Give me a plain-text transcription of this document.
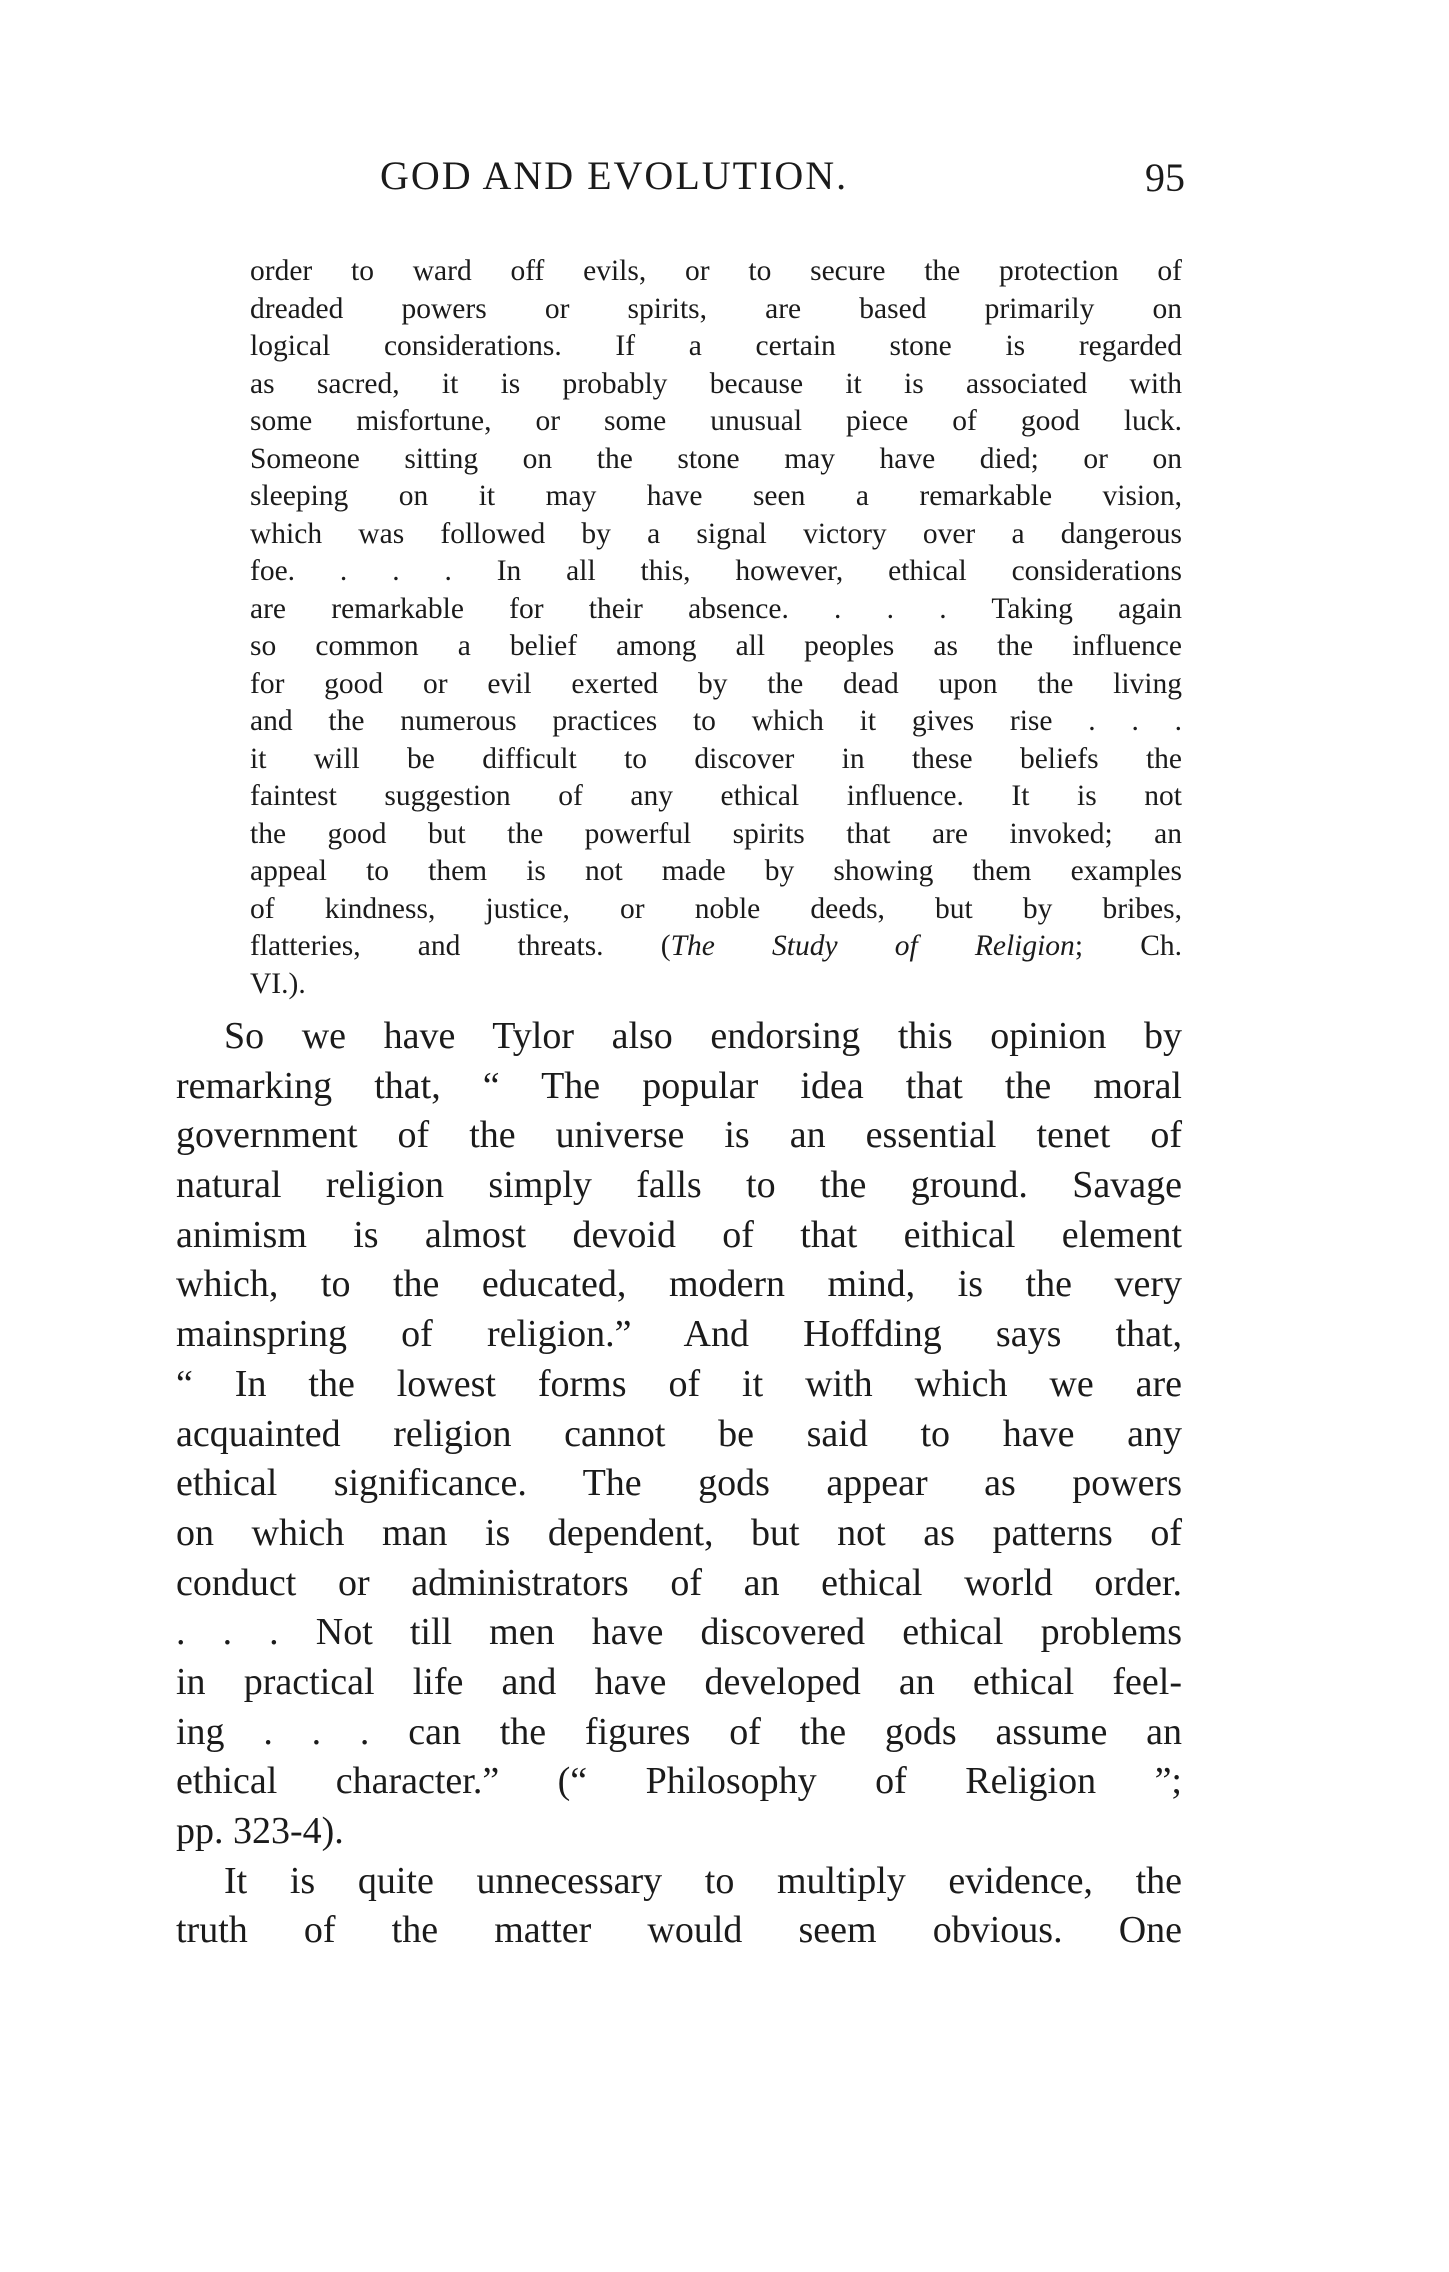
GOD AND EVOLUTION.	95
order to ward off evils, or to secure the protection of
dreaded powers or spirits, are based primarily on
logical considerations. If a certain stone is regarded
as sacred, it is probably because it is associated with
some misfortune, or some unusual piece of good luck.
Someone sitting on the stone may have died; or on
sleeping on it may have seen a remarkable vision,
which was followed by a signal victory over a dangerous
foe. . . . In all this, however, ethical considerations
are remarkable for their absence. . . . Taking again
so common a belief among all peoples as the influence
for good or evil exerted by the dead upon the living
and the numerous practices to which it gives rise . . .
it will be difficult to discover in these beliefs the
faintest suggestion of any ethical influence. It is not
the good but the powerful spirits that are invoked; an
appeal to them is not made by showing them examples
of kindness, justice, or noble deeds, but by bribes,
flatteries, and threats. (The Study of Religion; Ch.
VI.).
So we have Tylor also endorsing this opinion by
remarking that, “ The popular idea that the moral
government of the universe is an essential tenet of
natural religion simply falls to the ground. Savage
animism is almost devoid of that eithical element
which, to the educated, modern mind, is the very
mainspring of religion.” And Hoffding says that,
“ In the lowest forms of it with which we are
acquainted religion cannot be said to have any
ethical significance. The gods appear as powers
on which man is dependent, but not as patterns of
conduct or administrators of an ethical world order.
. . . Not till men have discovered ethical problems
in practical life and have developed an ethical feel-
ing . . . can the figures of the gods assume an
ethical character.” (“ Philosophy of Religion ”;
pp. 323-4).
It is quite unnecessary to multiply evidence, the
truth of the matter would seem obvious. One
